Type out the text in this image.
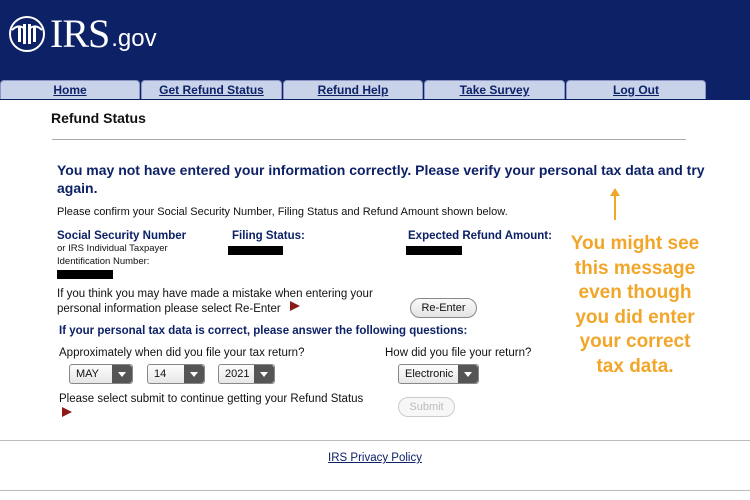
IRS .gov
Home	Get Refund Status	Refund Help	Take Survey	Log Out
Refund Status
You may not have entered your information correctly. Please verify your personal tax data and try again.
Please confirm your Social Security Number, Filing Status and Refund Amount shown below.
Social Security Number
or IRS Individual Taxpayer
Identification Number:
Filing Status:	Expected Refund Amount:
If you think you may have made a mistake when entering your
personal information please select Re-Enter	Re-Enter
If your personal tax data is correct, please answer the following questions:
Approximately when did you file your tax return?	How did you file your return?
MAY	14	2021	Electronic
Please select submit to continue getting your Refund Status
Submit
You might see
this message
even though
you did enter
your correct
tax data.
IRS Privacy Policy
